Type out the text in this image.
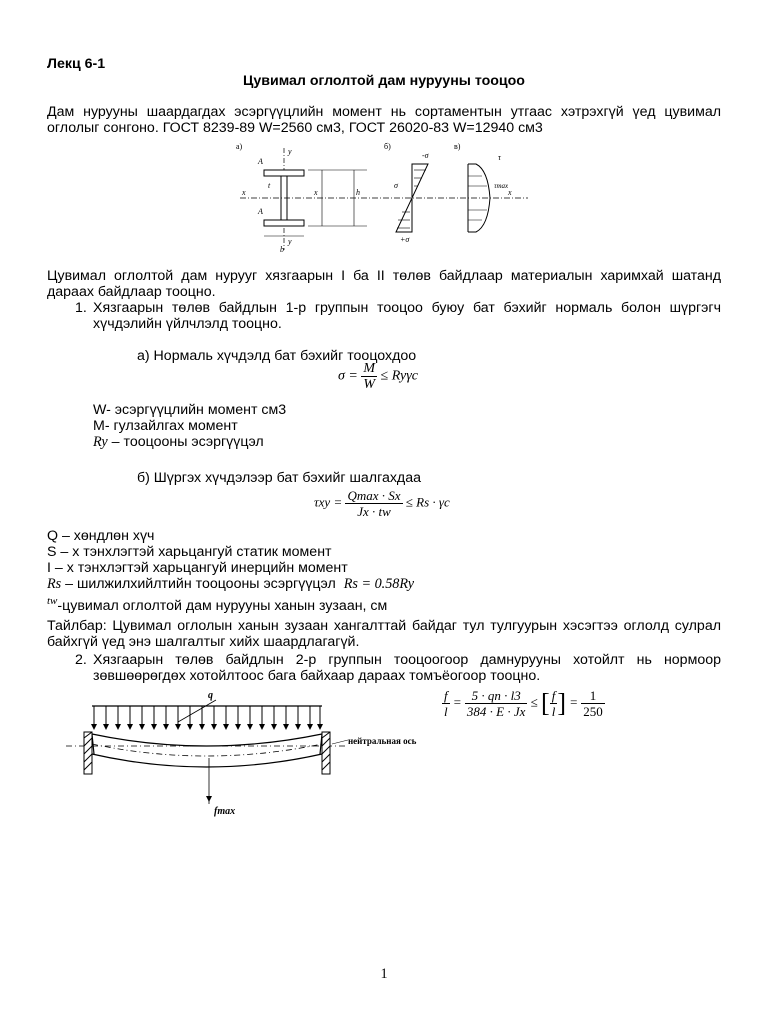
Лекц 6-1
Цувимал оглолтой дам нурууны тооцоо
Дам нурууны шаардагдах эсэргүүцлийн момент нь сортаментын утгаас хэтрэхгүй үед цувимал оглолыг сонгоно. ГОСТ 8239-89 W=2560 см3, ГОСТ 26020-83 W=12940 см3
а)	б)	в)
A
y
x	x	h
t
A
y
b
-σ
+σ
σ
τ
τmax
x
Цувимал оглолтой дам нурууг хязгаарын I ба II төлөв байдлаар материалын харимхай шатанд дараах байдлаар тооцно.
1. Хязгаарын төлөв байдлын 1-р группын тооцоо буюу бат бэхийг нормаль болон шүргэгч хүчдэлийн үйлчлэлд тооцно.
а) Нормаль хүчдэлд бат бэхийг тооцохдоо
$\sigma = \frac{M}{W} \le Ry\gamma c$
W- эсэргүүцлийн момент см3
M- гулзайлгах момент
Ry – тооцооны эсэргүүцэл
б) Шүргэх хүчдэлээр бат бэхийг шалгахдаа
$\tau xy = \frac{Qmax \cdot Sx}{Jx \cdot tw} \le Rs \cdot \gamma c$
Q – хөндлөн хүч
S – x тэнхлэгтэй харьцангуй статик момент
I – x тэнхлэгтэй харьцангуй инерцийн момент
Rs – шилжилхийлтийн тооцооны эсэргүүцэл Rs = 0.58Ry
$^{tw}$-цувимал оглолтой дам нурууны ханын зузаан, см
Тайлбар: Цувимал оглолын ханын зузаан хангалттай байдаг тул тулгуурын хэсэгтээ оглолд сулрал байхгүй үед энэ шалгалтыг хийх шаардлагагүй.
2. Хязгаарын төлөв байдлын 2-р группын тооцоогоор дамнурууны хотойлт нь нормоор зөвшөөрөгдөх хотойлтоос бага байхаар дараах томъёогоор тооцно.
$\frac{f}{l} = \frac{5 \cdot qn \cdot l3}{384 \cdot E \cdot Jx}$ ≤ [ $\frac{f}{l}$ ] = $\frac{1}{250}$
q
нейтральная ось
fmax
1
